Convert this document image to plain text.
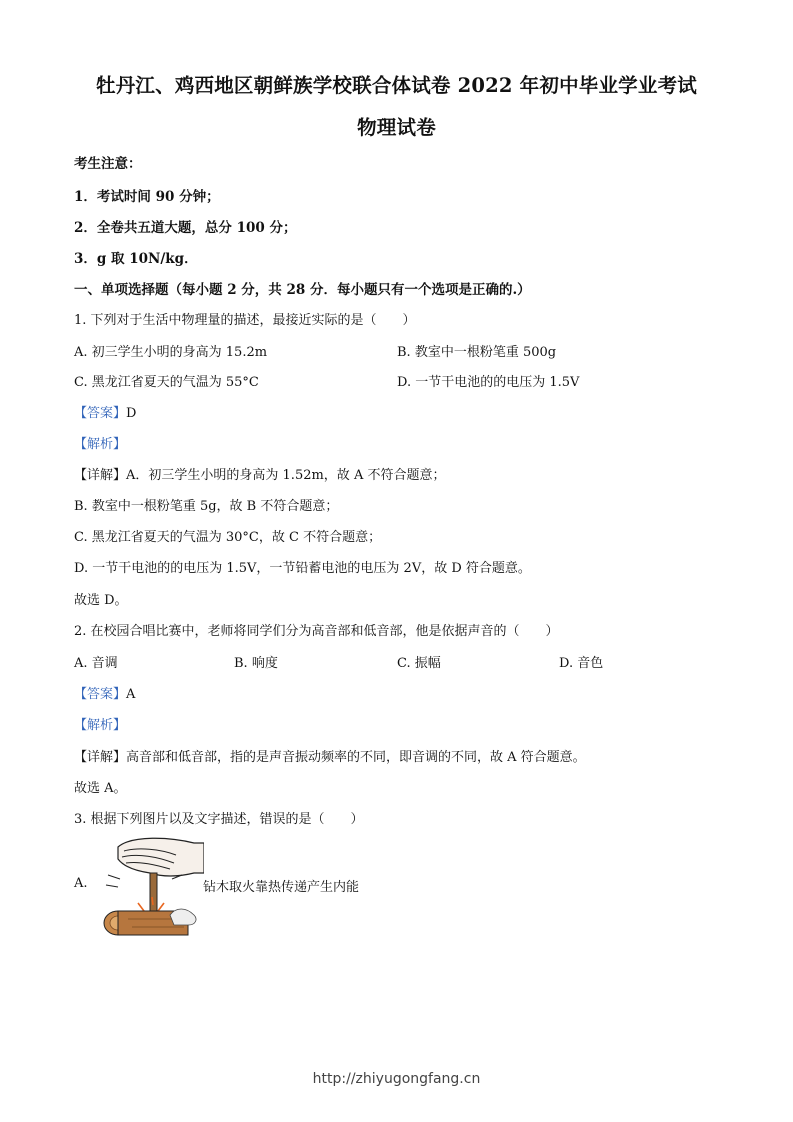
牡丹江、鸡西地区朝鲜族学校联合体试卷 2022 年初中毕业学业考试
物理试卷
考生注意：
1．考试时间 90 分钟；
2．全卷共五道大题，总分 100 分；
3．g 取 10N/kg．
一、单项选择题（每小题 2 分，共 28 分．每小题只有一个选项是正确的.）
1. 下列对于生活中物理量的描述，最接近实际的是（　　）
A. 初三学生小明的身高为 15.2m	B. 教室中一根粉笔重 500g
C. 黑龙江省夏天的气温为 55°C	D. 一节干电池的的电压为 1.5V
【答案】D
【解析】
【详解】A．初三学生小明的身高为 1.52m，故 A 不符合题意；
B. 教室中一根粉笔重 5g，故 B 不符合题意；
C. 黑龙江省夏天的气温为 30°C，故 C 不符合题意；
D. 一节干电池的的电压为 1.5V，一节铅蓄电池的电压为 2V，故 D 符合题意。
故选 D。
2. 在校园合唱比赛中，老师将同学们分为高音部和低音部，他是依据声音的（　　）
A. 音调	B. 响度	C. 振幅	D. 音色
【答案】A
【解析】
【详解】高音部和低音部，指的是声音振动频率的不同，即音调的不同，故 A 符合题意。
故选 A。
3. 根据下列图片以及文字描述，错误的是（　　）
A.	钻木取火靠热传递产生内能
http://zhiyugongfang.cn
